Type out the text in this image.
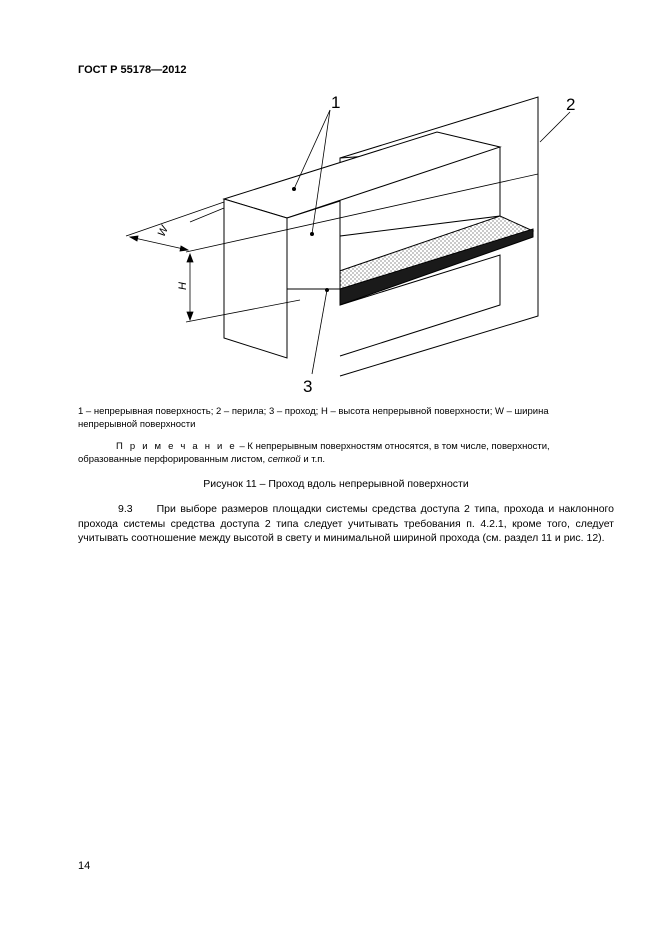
ГОСТ Р 55178—2012
1	2
3
H
W
1 – непрерывная поверхность; 2 – перила; 3 – проход; H – высота непрерывной поверхности; W – ширина непрерывной поверхности
П р и м е ч а н и е – К непрерывным поверхностям относятся, в том числе, поверхности, образованные перфорированным листом, сеткой и т.п.
Рисунок 11 – Проход вдоль непрерывной поверхности
9.3 При выборе размеров площадки системы средства доступа 2 типа, прохода и наклонного прохода системы средства доступа 2 типа следует учитывать требования п. 4.2.1, кроме того, следует учитывать соотношение между высотой в свету и минимальной шириной прохода (см. раздел 11 и рис. 12).
14
